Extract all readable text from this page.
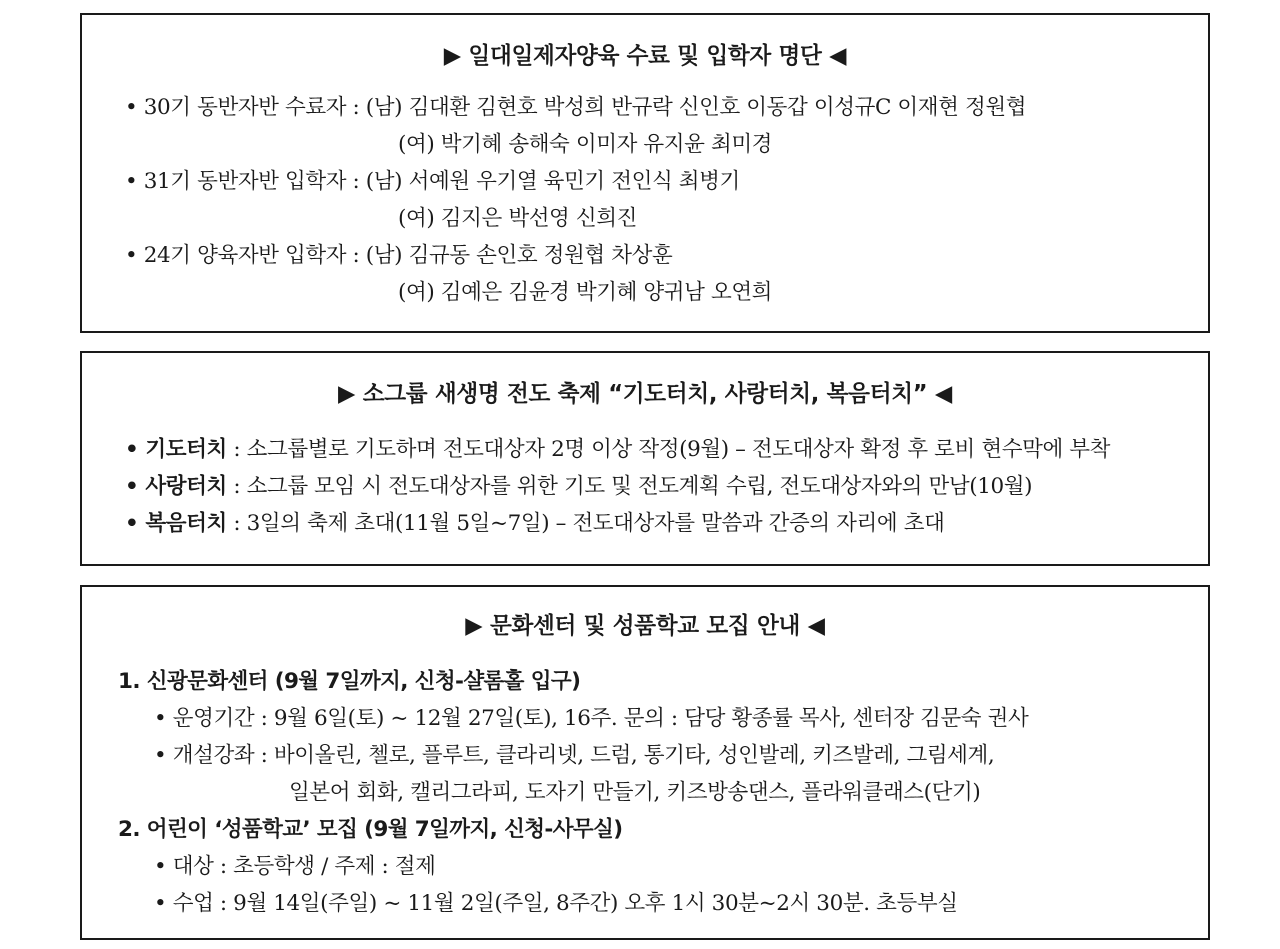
▶ 일대일제자양육 수료 및 입학자 명단 ◀
• 30기 동반자반 수료자 : (남) 김대환 김현호 박성희 반규락 신인호 이동갑 이성규C 이재현 정원협
(여) 박기혜 송해숙 이미자 유지윤 최미경
• 31기 동반자반 입학자 : (남) 서예원 우기열 육민기 전인식 최병기
(여) 김지은 박선영 신희진
• 24기 양육자반 입학자 : (남) 김규동 손인호 정원협 차상훈
(여) 김예은 김윤경 박기혜 양귀남 오연희
▶ 소그룹 새생명 전도 축제 “기도터치, 사랑터치, 복음터치” ◀
• 기도터치 : 소그룹별로 기도하며 전도대상자 2명 이상 작정(9월) – 전도대상자 확정 후 로비 현수막에 부착
• 사랑터치 : 소그룹 모임 시 전도대상자를 위한 기도 및 전도계획 수립, 전도대상자와의 만남(10월)
• 복음터치 : 3일의 축제 초대(11월 5일~7일) – 전도대상자를 말씀과 간증의 자리에 초대
▶ 문화센터 및 성품학교 모집 안내 ◀
1. 신광문화센터 (9월 7일까지, 신청-샬롬홀 입구)
• 운영기간 : 9월 6일(토) ~ 12월 27일(토), 16주. 문의 : 담당 황종률 목사, 센터장 김문숙 권사
• 개설강좌 : 바이올린, 첼로, 플루트, 클라리넷, 드럼, 통기타, 성인발레, 키즈발레, 그림세계,
일본어 회화, 캘리그라피, 도자기 만들기, 키즈방송댄스, 플라워클래스(단기)
2. 어린이 ‘성품학교’ 모집 (9월 7일까지, 신청-사무실)
• 대상 : 초등학생 / 주제 : 절제
• 수업 : 9월 14일(주일) ~ 11월 2일(주일, 8주간) 오후 1시 30분~2시 30분. 초등부실
